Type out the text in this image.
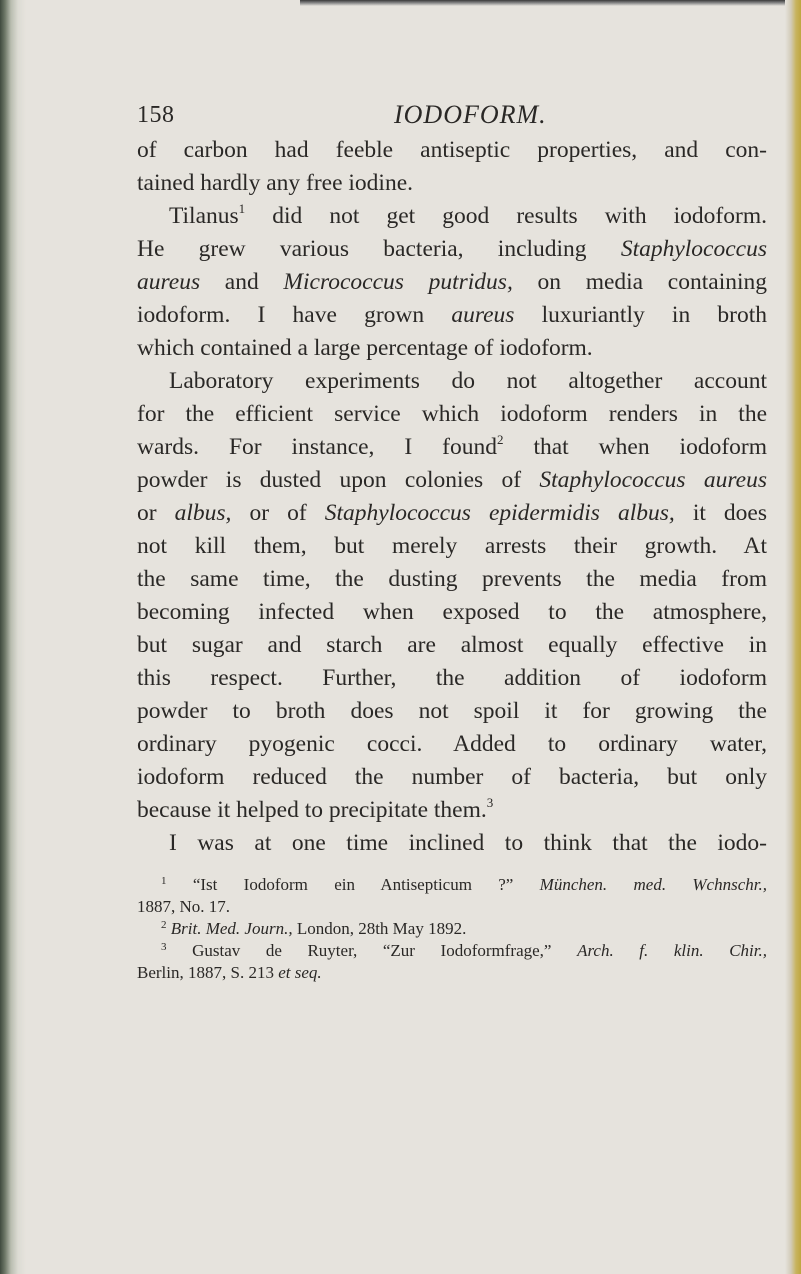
158	IODOFORM.

of carbon had feeble antiseptic properties, and con-
tained hardly any free iodine.

Tilanus$^1$ did not get good results with iodoform.
He grew various bacteria, including Staphylococcus
aureus and Micrococcus putridus, on media containing
iodoform. I have grown aureus luxuriantly in broth
which contained a large percentage of iodoform.

Laboratory experiments do not altogether account
for the efficient service which iodoform renders in the
wards. For instance, I found$^2$ that when iodoform
powder is dusted upon colonies of Staphylococcus aureus
or albus, or of Staphylococcus epidermidis albus, it does
not kill them, but merely arrests their growth. At
the same time, the dusting prevents the media from
becoming infected when exposed to the atmosphere,
but sugar and starch are almost equally effective in
this respect. Further, the addition of iodoform
powder to broth does not spoil it for growing the
ordinary pyogenic cocci. Added to ordinary water,
iodoform reduced the number of bacteria, but only
because it helped to precipitate them.$^3$

I was at one time inclined to think that the iodo-

$^1$ “Ist Iodoform ein Antisepticum ?” München. med. Wchnschr.,
1887, No. 17.

$^2$ Brit. Med. Journ., London, 28th May 1892.

$^3$ Gustav de Ruyter, “Zur Iodoformfrage,” Arch. f. klin. Chir.,
Berlin, 1887, S. 213 et seq.
